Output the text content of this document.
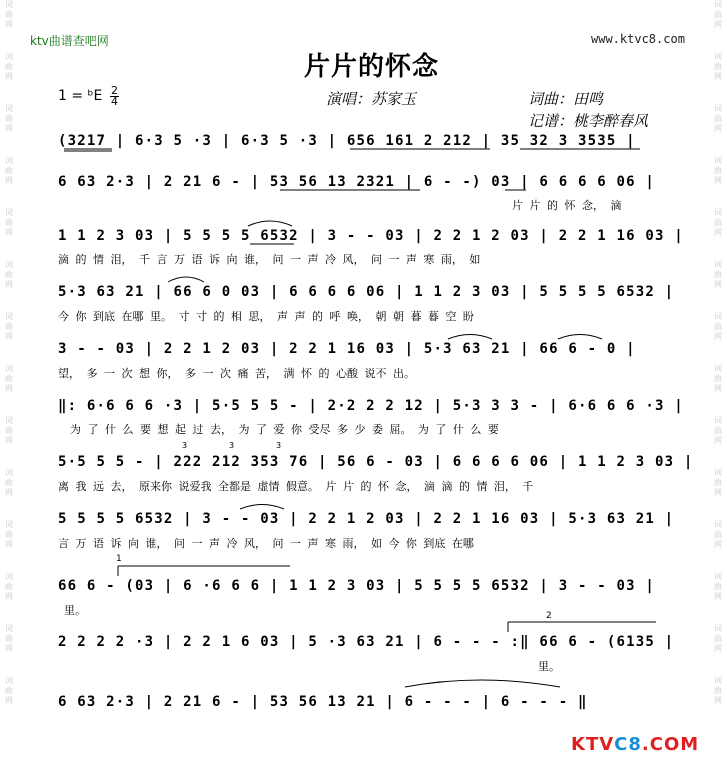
词
曲
网
词
曲
网
词
曲
网
词
曲
网
词
曲
网
词
曲
网
词
曲
网
词
曲
网
词
曲
网
词
曲
网
词
曲
网
词
曲
网
词
曲
网
词
曲
网
词
曲
网
词
曲
网
词
曲
网
词
曲
网
词
曲
网
词
曲
网
词
曲
网
词
曲
网
词
曲
网
词
曲
网
词
曲
网
词
曲
网
词
曲
网
词
曲
网
ktv曲谱查吧网	www.ktvc8.com
片片的怀念
1 = ᵇE 2
4	演唱：苏家玉	词曲：田鸣
记谱：桃李醉春风
(3217 | 6·3 5 ·3 | 6·3 5 ·3 | 656 161 2 212 | 35 32 3 3535 |
6 63 2·3 | 2 21 6 - | 53 56 13 2321 | 6 - -) 03 | 6 6 6 6 06 |
片 片 的 怀 念， 滴
1 1 2 3 03 | 5 5 5 5 6532 | 3 - - 03 | 2 2 1 2 03 | 2 2 1 16 03 |
滴 的 情 泪， 千 言 万 语 诉 向 谁， 问 一 声 冷 风， 问 一 声 寒 雨， 如
5·3 63 21 | 66 6 0 03 | 6 6 6 6 06 | 1 1 2 3 03 | 5 5 5 5 6532 |
今 你 到底 在哪 里。 寸 寸 的 相 思， 声 声 的 呼 唤， 朝 朝 暮 暮 空 盼
3 - - 03 | 2 2 1 2 03 | 2 2 1 16 03 | 5·3 63 21 | 66 6 - 0 |
望， 多 一 次 想 你， 多 一 次 痛 苦， 满 怀 的 心酸 说不 出。
‖: 6·6 6 6 ·3 | 5·5 5 5 - | 2·2 2 2 12 | 5·3 3 3 - | 6·6 6 6 ·3 |
为 了 什 么 要 想 起 过 去， 为 了 爱 你 受尽 多 少 委 屈。 为 了 什 么 要
5·5 5 5 - | 222 212 353 76 | 56 6 - 03 | 6 6 6 6 06 | 1 1 2 3 03 |
离 我 远 去， 原来你 说爱我 全都是 虚情 假意。 片 片 的 怀 念， 滴 滴 的 情 泪， 千
5 5 5 5 6532 | 3 - - 03 | 2 2 1 2 03 | 2 2 1 16 03 | 5·3 63 21 |
言 万 语 诉 向 谁， 问 一 声 冷 风， 问 一 声 寒 雨， 如 今 你 到底 在哪
66 6 - (03 | 6 ·6 6 6 | 1 1 2 3 03 | 5 5 5 5 6532 | 3 - - 03 |
里。
2 2 2 2 ·3 | 2 2 1 6 03 | 5 ·3 63 21 | 6 - - - :‖ 66 6 - (6135 |
里。
6 63 2·3 | 2 21 6 - | 53 56 13 21 | 6 - - - | 6 - - - ‖
1
2
3	3	3
KTVC8.COM
